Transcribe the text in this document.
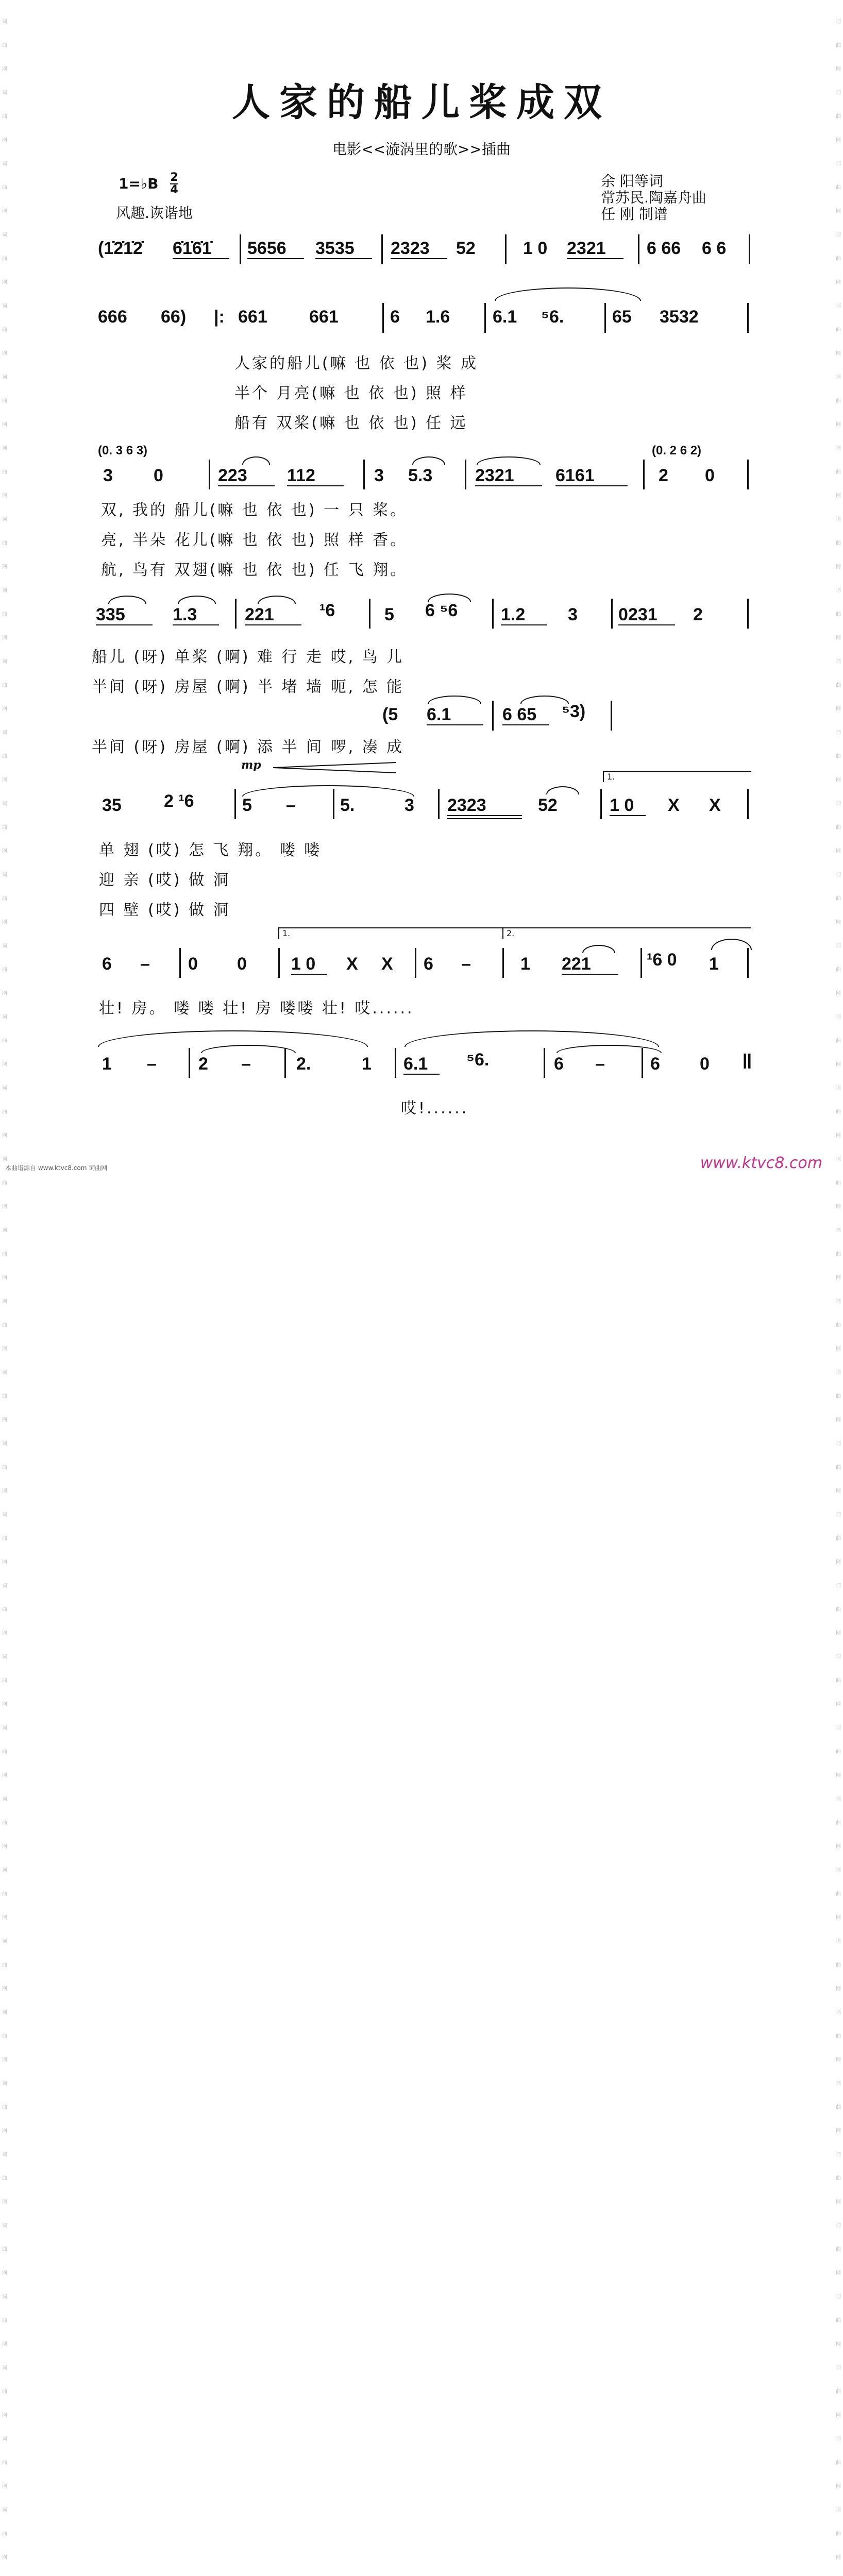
词
曲
网
词
曲
网
词
曲
网
词
曲
网
词
曲
网
词
曲
网
词
曲
网
词
曲
网
词
曲
网
词
曲
网
词
曲
网
词
曲
网
词
曲
网
词
曲
网
词
曲
网
词
曲
网
词
曲
网
词
曲
网
词
曲
网
词
曲
网
词
曲
网
词
曲
网
词
曲
网
词
曲
网
词
曲
网
词
曲
网
词
曲
网
词
曲
网
词
曲
网
词
曲
网
词
曲
网
词
曲
网
词
曲
网
词
曲
网
词
曲
网
词
曲
网

词
曲
网
词
曲
网
词
曲
网
词
曲
网
词
曲
网
词
曲
网
词
曲
网
词
曲
网
词
曲
网
词
曲
网
词
曲
网
词
曲
网
词
曲
网
词
曲
网
词
曲
网
词
曲
网
词
曲
网
词
曲
网
词
曲
网
词
曲
网
词
曲
网
词
曲
网
词
曲
网
词
曲
网
词
曲
网
词
曲
网
词
曲
网
词
曲
网
词
曲
网
词
曲
网
词
曲
网
词
曲
网
词
曲
网
词
曲
网
词
曲
网
词
曲
网

人家的船儿桨成双
电影<<漩涡里的歌>>插曲
1=♭B 2
4
风趣.诙谐地
余 阳等词
常苏民.陶嘉舟曲
任 刚 制谱
(1̇2̇1̇2̇ 6̇1̇6̇1̇ 5656 3535 2323 52	1 0 2321 6 66 6 6
666 66) |: 661 661	6 1.6 6.1 ⁵6.	65 3532
人家的船儿(嘛 也 依 也) 桨 成
半个 月亮(嘛 也 依 也) 照 样
船有 双桨(嘛 也 依 也) 任 远
(0. 3 6 3)	(0. 2 6 2)
3 0	223 112	3 5.3 2321 6161	2 0
双, 我的 船儿(嘛 也 依 也) 一 只 桨。
亮, 半朵 花儿(嘛 也 依 也) 照 样 香。
航, 鸟有 双翅(嘛 也 依 也) 任 飞 翔。
335	1.3	221	¹6	5 6 ⁵6 1.2 3 0231 2
船儿 (呀) 单桨 (啊) 难 行 走 哎, 鸟 儿
半间 (呀) 房屋 (啊) 半 堵 墙 呃, 怎 能
(5 6.1	6 65 ⁵3)
半间 (呀) 房屋 (啊) 添 半 间 啰, 凑 成
mp
1.
35 2 ¹6	5 –	5.	3 2323	52	1 0 X X
单 翅 (哎) 怎 飞 翔。 喽 喽
迎 亲 (哎) 做 洞
四 壁 (哎) 做 洞
1.	2.
6 – 0 0	1 0 X X 6 –	1 221	¹6 0 1
壮! 房。 喽 喽 壮! 房 喽喽 壮! 哎......
1 – 2 –	2.	1 6.1 ⁵6.	6 –	6 0 ‖
哎!......
本曲谱源自 www.ktvc8.com 词曲网	www.ktvc8.com
